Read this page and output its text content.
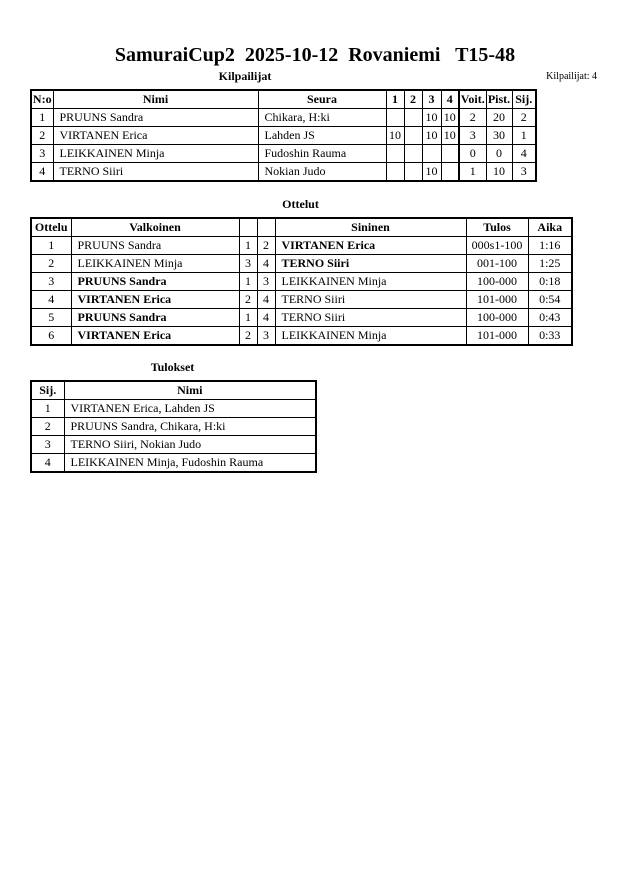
SamuraiCup2  2025-10-12  Rovaniemi   T15-48
Kilpailijat	Kilpailijat: 4
N:o	Nimi	Seura	1	2	3	4	Voit.	Pist.	Sij.
1	PRUUNS Sandra	Chikara, H:ki			10	10	2	20	2
2	VIRTANEN Erica	Lahden JS	10		10	10	3	30	1
3	LEIKKAINEN Minja	Fudoshin Rauma					0	0	4
4	TERNO Siiri	Nokian Judo			10		1	10	3
Ottelut
Ottelu	Valkoinen			Sininen	Tulos	Aika
1	PRUUNS Sandra	1	2	VIRTANEN Erica	000s1-100	1:16
2	LEIKKAINEN Minja	3	4	TERNO Siiri	001-100	1:25
3	PRUUNS Sandra	1	3	LEIKKAINEN Minja	100-000	0:18
4	VIRTANEN Erica	2	4	TERNO Siiri	101-000	0:54
5	PRUUNS Sandra	1	4	TERNO Siiri	100-000	0:43
6	VIRTANEN Erica	2	3	LEIKKAINEN Minja	101-000	0:33
Tulokset
Sij.	Nimi
1	VIRTANEN Erica, Lahden JS
2	PRUUNS Sandra, Chikara, H:ki
3	TERNO Siiri, Nokian Judo
4	LEIKKAINEN Minja, Fudoshin Rauma
